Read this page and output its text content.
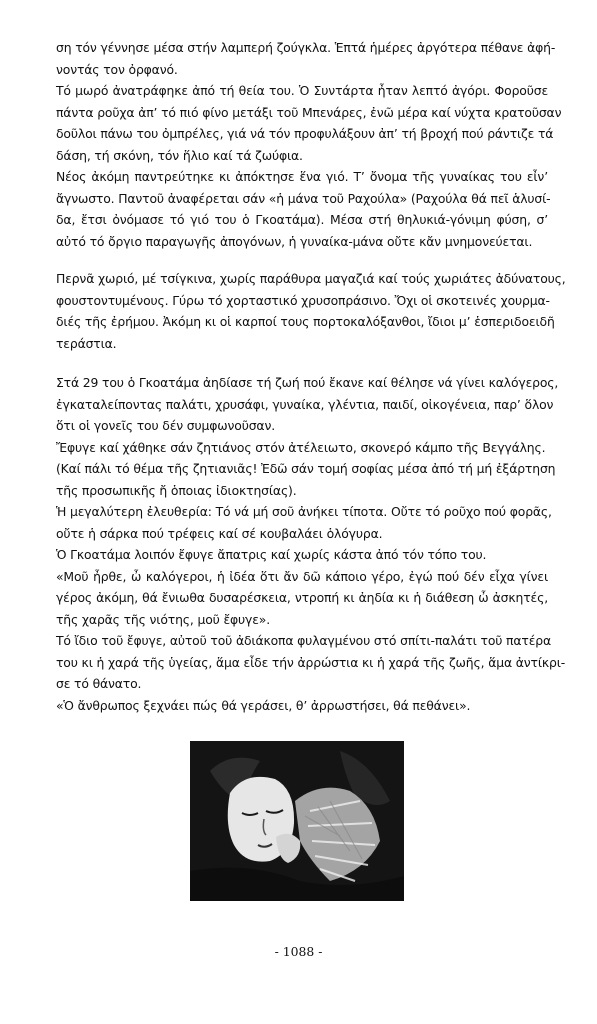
ση τόν γέννησε μέσα στήν λαμπερή ζούγκλα. Ἑπτά ἡμέρες ἀργότερα πέθανε ἀφή-
νοντάς τον ὀρφανό.

Τό μωρό ἀνατράφηκε ἀπό τή θεία του. Ὁ Συντάρτα ἦταν λεπτό ἀγόρι. Φοροῦσε
πάντα ροῦχα ἀπ’ τό πιό φίνο μετάξι τοῦ Μπενάρες, ἐνῶ μέρα καί νύχτα κρατοῦσαν
δοῦλοι πάνω του ὀμπρέλες, γιά νά τόν προφυλάξουν ἀπ’ τή βροχή πού ράντιζε τά
δάση, τή σκόνη, τόν ἥλιο καί τά ζωύφια.

Νέος ἀκόμη παντρεύτηκε κι ἀπόκτησε ἕνα γιό. Τ’ ὄνομα τῆς γυναίκας του εἶν’
ἄγνωστο. Παντοῦ ἀναφέρεται σάν «ἡ μάνα τοῦ Ραχούλα» (Ραχούλα θά πεῖ ἁλυσί-
δα, ἔτσι ὀνόμασε τό γιό του ὁ Γκοατάμα). Μέσα στή θηλυκιά-γόνιμη φύση, σ’
αὐτό τό ὄργιο παραγωγῆς ἀπογόνων, ἡ γυναίκα-μάνα οὔτε κἄν μνημονεύεται.

Περνᾶ χωριό, μέ τσίγκινα, χωρίς παράθυρα μαγαζιά καί τούς χωριάτες ἀδύνατους,
φουστοντυμένους. Γύρω τό χορταστικό χρυσοπράσινο. Ὄχι οἱ σκοτεινές χουρμα-
διές τῆς ἐρήμου. Ἀκόμη κι οἱ καρποί τους πορτοκαλόξανθοι, ἴδιοι μ’ ἑσπεριδοειδῆ
τεράστια.

Στά 29 του ὁ Γκοατάμα ἀηδίασε τή ζωή πού ἔκανε καί θέλησε νά γίνει καλόγερος,
ἐγκαταλείποντας παλάτι, χρυσάφι, γυναίκα, γλέντια, παιδί, οἰκογένεια, παρ’ ὅλον
ὅτι οἱ γονεῖς του δέν συμφωνοῦσαν.
Ἔφυγε καί χάθηκε σάν ζητιάνος στόν ἀτέλειωτο, σκονερό κάμπο τῆς Βεγγάλης.
(Καί πάλι τό θέμα τῆς ζητιανιᾶς! Ἐδῶ σάν τομή σοφίας μέσα ἀπό τή μή ἐξάρτηση
τῆς προσωπικῆς ἤ ὁποιας ἰδιοκτησίας).
Ἡ μεγαλύτερη ἐλευθερία: Τό νά μή σοῦ ἀνήκει τίποτα. Οὔτε τό ροῦχο πού φορᾶς,
οὔτε ἡ σάρκα πού τρέφεις καί σέ κουβαλάει ὁλόγυρα.
Ὁ Γκοατάμα λοιπόν ἔφυγε ἄπατρις καί χωρίς κάστα ἀπό τόν τόπο του.
«Μοῦ ἦρθε, ὦ καλόγεροι, ἡ ἰδέα ὅτι ἄν δῶ κάποιο γέρο, ἐγώ πού δέν εἶχα γίνει
γέρος ἀκόμη, θά ἔνιωθα δυσαρέσκεια, ντροπή κι ἀηδία κι ἡ διάθεση ὦ ἀσκητές,
τῆς χαρᾶς τῆς νιότης, μοῦ ἔφυγε».
Τό ἴδιο τοῦ ἔφυγε, αὐτοῦ τοῦ ἀδιάκοπα φυλαγμένου στό σπίτι-παλάτι τοῦ πατέρα
του κι ἡ χαρά τῆς ὑγείας, ἅμα εἶδε τήν ἀρρώστια κι ἡ χαρά τῆς ζωῆς, ἅμα ἀντίκρι-
σε τό θάνατο.
«Ὁ ἄνθρωπος ξεχνάει πώς θά γεράσει, θ’ ἀρρωστήσει, θά πεθάνει».

- 1088 -
